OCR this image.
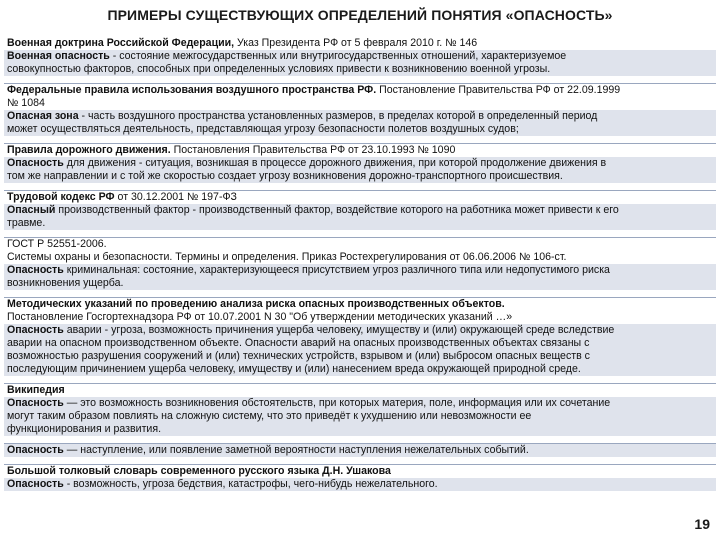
ПРИМЕРЫ СУЩЕСТВУЮЩИХ ОПРЕДЕЛЕНИЙ ПОНЯТИЯ «ОПАСНОСТЬ»
Военная доктрина Российской Федерации, Указ Президента РФ от 5 февраля 2010 г. № 146
Военная опасность - состояние межгосударственных или внутригосударственных отношений, характеризуемое
совокупностью факторов, способных при определенных условиях привести к возникновению военной угрозы.
Федеральные правила использования воздушного пространства РФ. Постановление Правительства РФ от 22.09.1999
№ 1084
Опасная зона - часть воздушного пространства установленных размеров, в пределах которой в определенный период
может осуществляться деятельность, представляющая угрозу безопасности полетов воздушных судов;
Правила дорожного движения. Постановления Правительства РФ от 23.10.1993 № 1090
Опасность для движения - ситуация, возникшая в процессе дорожного движения, при которой продолжение движения в
том же направлении и с той же скоростью создает угрозу возникновения дорожно-транспортного происшествия.
Трудовой кодекс РФ от 30.12.2001 № 197-ФЗ
Опасный производственный фактор - производственный фактор, воздействие которого на работника может привести к его
травме.
ГОСТ Р 52551-2006.
Системы охраны и безопасности. Термины и определения. Приказ Ростехрегулирования от 06.06.2006 № 106-ст.
Опасность криминальная: состояние, характеризующееся присутствием угроз различного типа или недопустимого риска
возникновения ущерба.
Методических указаний по проведению анализа риска опасных производственных объектов.
Постановление Госгортехнадзора РФ от 10.07.2001 N 30 "Об утверждении методических указаний …»
Опасность аварии - угроза, возможность причинения ущерба человеку, имуществу и (или) окружающей среде вследствие
аварии на опасном производственном объекте. Опасности аварий на опасных производственных объектах связаны с
возможностью разрушения сооружений и (или) технических устройств, взрывом и (или) выбросом опасных веществ с
последующим причинением ущерба человеку, имуществу и (или) нанесением вреда окружающей природной среде.
Википедия
Опасность — это возможность возникновения обстоятельств, при которых материя, поле, информация или их сочетание
могут таким образом повлиять на сложную систему, что это приведёт к ухудшению или невозможности ее
функционирования и развития.
Опасность — наступление, или появление заметной вероятности наступления нежелательных событий.
Большой толковый словарь современного русского языка Д.Н. Ушакова
Опасность - возможность, угроза бедствия, катастрофы, чего-нибудь нежелательного.
19
